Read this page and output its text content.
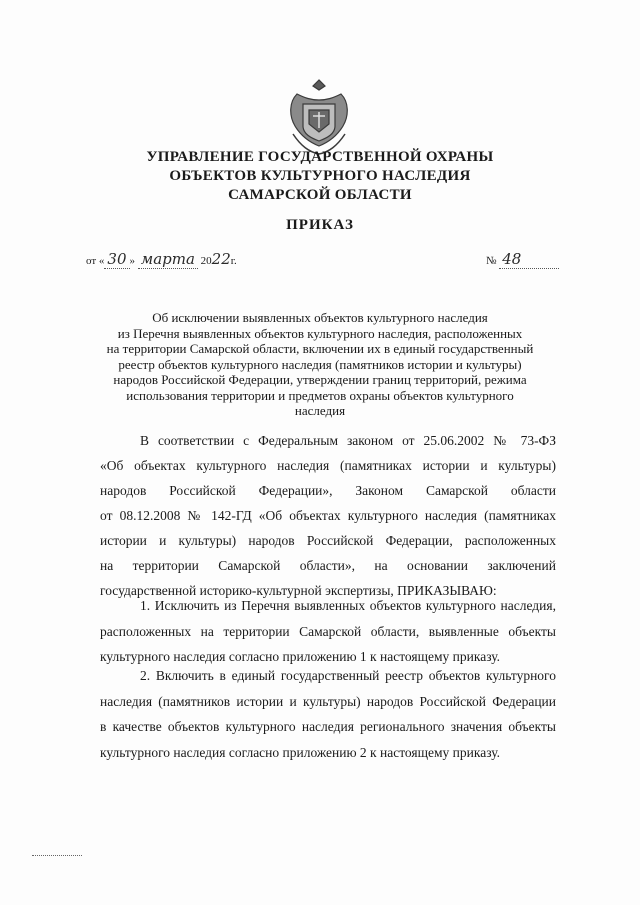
УПРАВЛЕНИЕ ГОСУДАРСТВЕННОЙ ОХРАНЫ
ОБЪЕКТОВ КУЛЬТУРНОГО НАСЛЕДИЯ
САМАРСКОЙ ОБЛАСТИ
ПРИКАЗ
от « 30 » марта 2022г.	№ 48
Об исключении выявленных объектов культурного наследия
из Перечня выявленных объектов культурного наследия, расположенных
на территории Самарской области, включении их в единый государственный
реестр объектов культурного наследия (памятников истории и культуры)
народов Российской Федерации, утверждении границ территорий, режима
использования территории и предметов охраны объектов культурного
наследия
В соответствии с Федеральным законом от 25.06.2002 № 73-ФЗ
«Об объектах культурного наследия (памятниках истории и культуры)
народов Российской Федерации», Законом Самарской области
от 08.12.2008 № 142-ГД «Об объектах культурного наследия (памятниках
истории и культуры) народов Российской Федерации, расположенных
на территории Самарской области», на основании заключений
государственной историко-культурной экспертизы, ПРИКАЗЫВАЮ:
1. Исключить из Перечня выявленных объектов культурного наследия,
расположенных на территории Самарской области, выявленные объекты
культурного наследия согласно приложению 1 к настоящему приказу.
2. Включить в единый государственный реестр объектов культурного
наследия (памятников истории и культуры) народов Российской Федерации
в качестве объектов культурного наследия регионального значения объекты
культурного наследия согласно приложению 2 к настоящему приказу.
